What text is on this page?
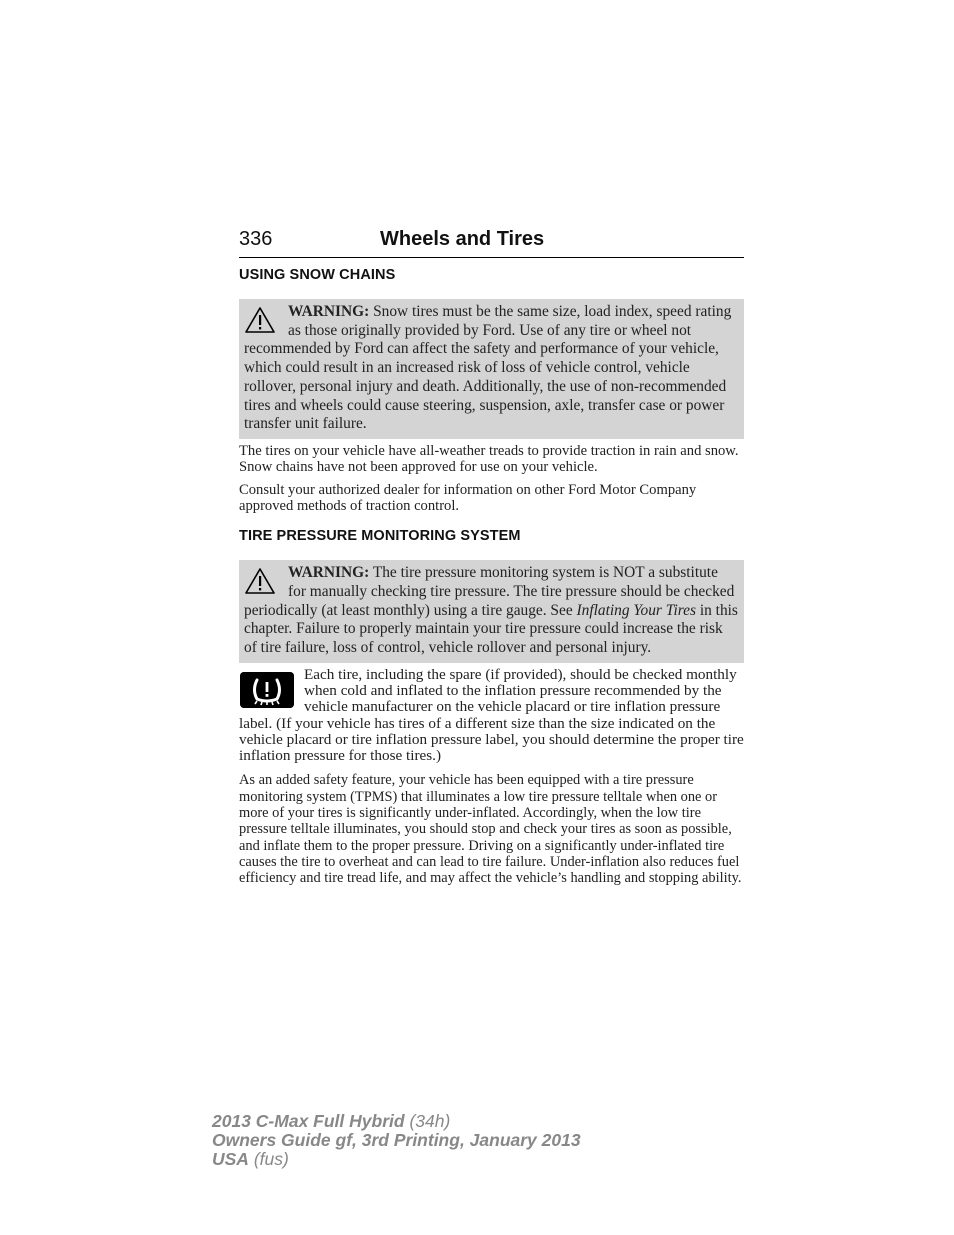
336	Wheels and Tires
USING SNOW CHAINS
WARNING: Snow tires must be the same size, load index, speed rating as those originally provided by Ford. Use of any tire or wheel not recommended by Ford can affect the safety and performance of your vehicle, which could result in an increased risk of loss of vehicle control, vehicle rollover, personal injury and death. Additionally, the use of non-recommended tires and wheels could cause steering, suspension, axle, transfer case or power transfer unit failure.

The tires on your vehicle have all-weather treads to provide traction in rain and snow. Snow chains have not been approved for use on your vehicle.

Consult your authorized dealer for information on other Ford Motor Company approved methods of traction control.

TIRE PRESSURE MONITORING SYSTEM
WARNING: The tire pressure monitoring system is NOT a substitute for manually checking tire pressure. The tire pressure should be checked periodically (at least monthly) using a tire gauge. See Inflating Your Tires in this chapter. Failure to properly maintain your tire pressure could increase the risk of tire failure, loss of control, vehicle rollover and personal injury.
Each tire, including the spare (if provided), should be checked monthly when cold and inflated to the inflation pressure recommended by the vehicle manufacturer on the vehicle placard or tire inflation pressure label. (If your vehicle has tires of a different size than the size indicated on the vehicle placard or tire inflation pressure label, you should determine the proper tire inflation pressure for those tires.)

As an added safety feature, your vehicle has been equipped with a tire pressure monitoring system (TPMS) that illuminates a low tire pressure telltale when one or more of your tires is significantly under-inflated. Accordingly, when the low tire pressure telltale illuminates, you should stop and check your tires as soon as possible, and inflate them to the proper pressure. Driving on a significantly under-inflated tire causes the tire to overheat and can lead to tire failure. Under-inflation also reduces fuel efficiency and tire tread life, and may affect the vehicle’s handling and stopping ability.

2013 C-Max Full Hybrid (34h)
Owners Guide gf, 3rd Printing, January 2013
USA (fus)
